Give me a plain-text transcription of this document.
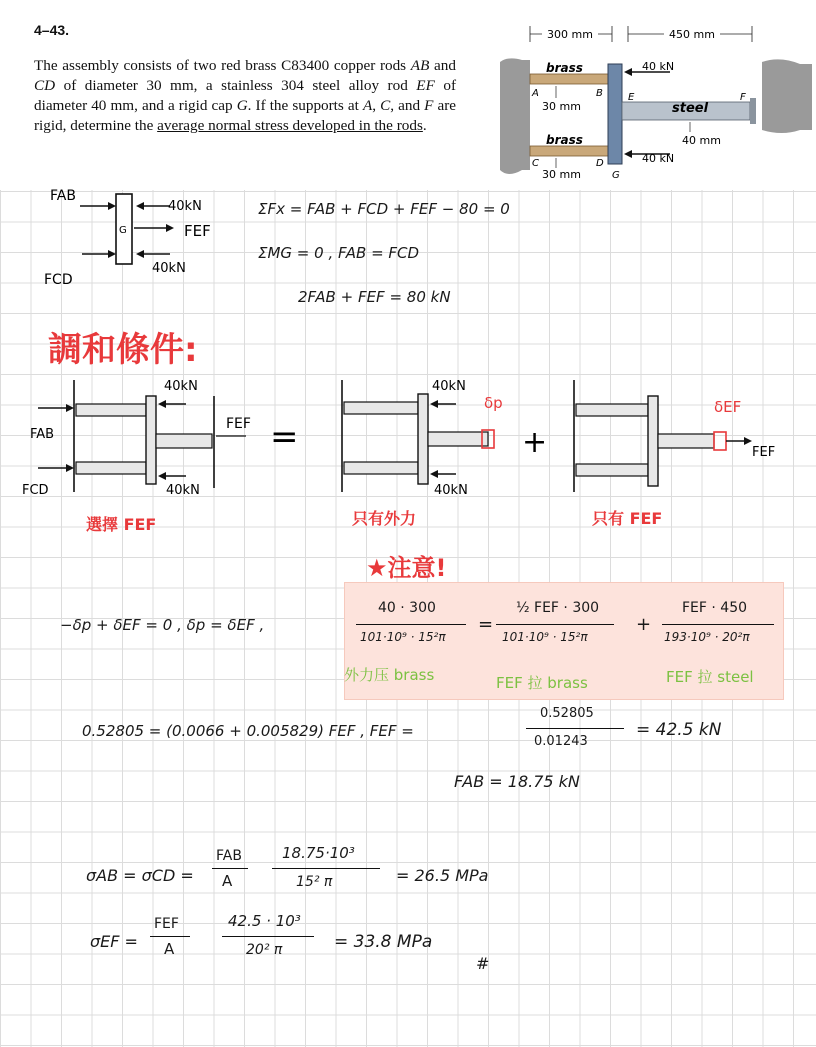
4–43.
The assembly consists of two red brass C83400 copper rods AB and CD of diameter 30 mm, a stainless 304 steel alloy rod EF of diameter 40 mm, and a rigid cap G. If the supports at A, C, and F are rigid, determine the average normal stress developed in the rods.
300 mm	450 mm
brass
brass
steel
40 kN
40 kN
30 mm
30 mm
40 mm
A	B
C	D
E	F
G
FAB
G
40kN
FEF
40kN
FCD
ΣFx = FAB + FCD + FEF − 80 = 0
ΣMG = 0 , FAB = FCD
2FAB + FEF = 80 kN
調和條件:
FAB
FCD
40kN
40kN
FEF =
40kN
40kN
δp
+
δEF
FEF
選擇 FEF	只有外力	只有 FEF
★注意!
−δp + δEF = 0 , δp = δEF ,
40 · 300
101·10⁹ · 15²π
=
½ FEF · 300
101·10⁹ · 15²π
+
FEF · 450
193·10⁹ · 20²π
外力压 brass	FEF 拉 brass	FEF 拉 steel
0.52805 = (0.0066 + 0.005829) FEF , FEF =
0.52805
0.01243
= 42.5 kN
FAB = 18.75 kN
σAB = σCD =
FAB
A
18.75·10³
15² π	= 26.5 MPa
σEF =
FEF
A
42.5 · 10³
20² π	= 33.8 MPa
#
